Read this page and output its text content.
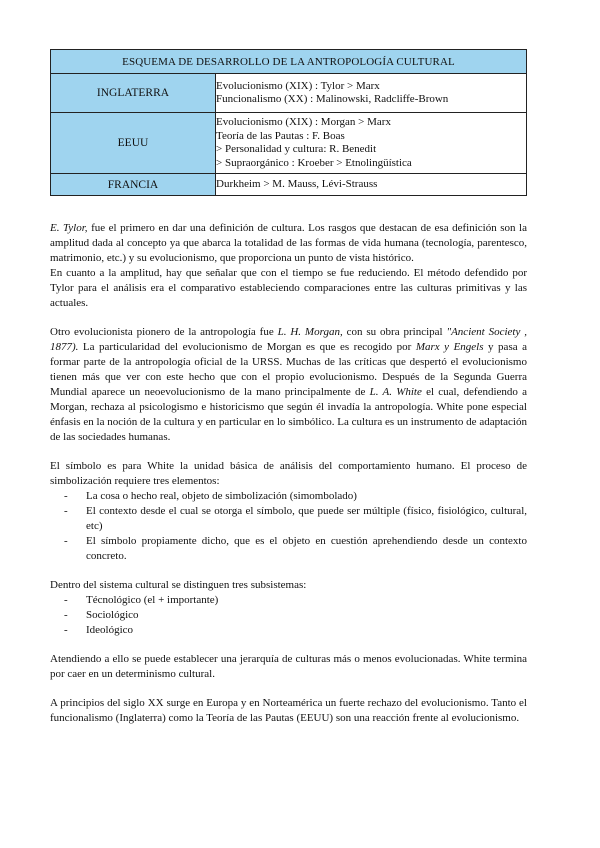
ESQUEMA DE DESARROLLO DE LA ANTROPOLOGÍA CULTURAL	
INGLATERRA	Evolucionismo (XIX) : Tylor > Marx
Funcionalismo (XX) : Malinowski, Radcliffe-Brown

EEUU	Evolucionismo (XIX) : Morgan > Marx
Teoría de las Pautas : F. Boas
> Personalidad y cultura: R. Benedit
> Supraorgánico : Kroeber > Etnolingüística

FRANCIA	Durkheim > M. Mauss, Lévi-Strauss

E. Tylor, fue el primero en dar una definición de cultura. Los rasgos que destacan de esa definición son la amplitud dada al concepto ya que abarca la totalidad de las formas de vida humana (tecnología, parentesco, matrimonio, etc.) y su evolucionismo, que proporciona un punto de vista histórico.

En cuanto a la amplitud, hay que señalar que con el tiempo se fue reduciendo. El método defendido por Tylor para el análisis era el comparativo estableciendo comparaciones entre las culturas primitivas y las actuales.

Otro evolucionista pionero de la antropología fue L. H. Morgan, con su obra principal "Ancient Society , 1877). La particularidad del evolucionismo de Morgan es que es recogido por Marx y Engels y pasa a formar parte de la antropología oficial de la URSS. Muchas de las críticas que despertó el evolucionismo tienen más que ver con este hecho que con el propio evolucionismo. Después de la Segunda Guerra Mundial aparece un neoevolucionismo de la mano principalmente de L. A. White el cual, defendiendo a Morgan, rechaza al psicologismo e historicismo que según él invadía la antropología. White pone especial énfasis en la noción de la cultura y en particular en lo simbólico. La cultura es un instrumento de adaptación de las sociedades humanas.

El símbolo es para White la unidad básica de análisis del comportamiento humano. El proceso de simbolización requiere tres elementos:

- La cosa o hecho real, objeto de simbolización (simombolado)
- El contexto desde el cual se otorga el símbolo, que puede ser múltiple (físico, fisiológico, cultural, etc)
- El símbolo propiamente dicho, que es el objeto en cuestión aprehendiendo desde un contexto concreto.

Dentro del sistema cultural se distinguen tres subsistemas:

- Técnológico (el + importante)
- Sociológico
- Ideológico

Atendiendo a ello se puede establecer una jerarquía de culturas más o menos evolucionadas. White termina por caer en un determinismo cultural.

A principios del siglo XX surge en Europa y en Norteamérica un fuerte rechazo del evolucionismo. Tanto el funcionalismo (Inglaterra) como la Teoría de las Pautas (EEUU) son una reacción frente al evolucionismo.
